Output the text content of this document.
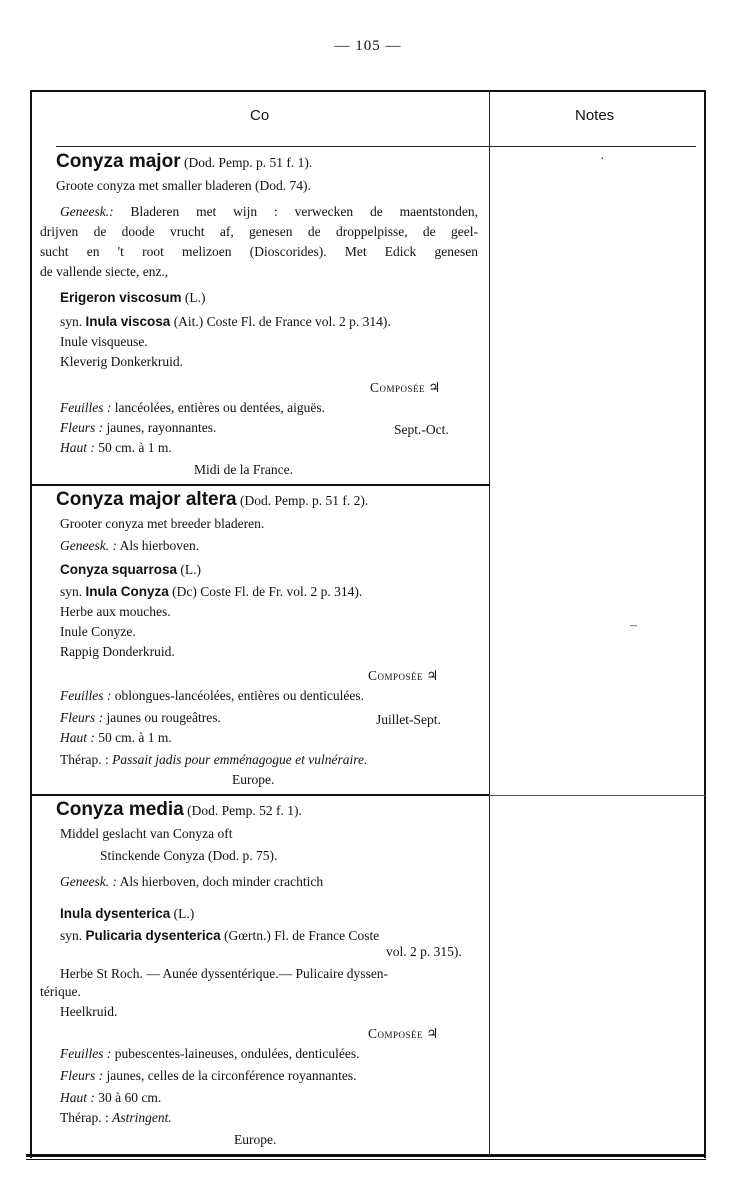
— 105 —
Co	Notes
Conyza major (Dod. Pemp. p. 51 f. 1).
Groote conyza met smaller bladeren (Dod. 74).
Geneesk.: Bladeren met wijn : verwecken de maentstonden,
drijven de doode vrucht af, genesen de droppelpisse, de geel-
sucht en 't root melizoen (Dioscorides). Met Edick genesen
de vallende siecte, enz.,
Erigeron viscosum (L.)
syn. Inula viscosa (Ait.) Coste Fl. de France vol. 2 p. 314).
Inule visqueuse.
Kleverig Donkerkruid.
Composée ♃
Feuilles : lancéolées, entières ou dentées, aiguës.
Fleurs : jaunes, rayonnantes.	Sept.-Oct.
Haut : 50 cm. à 1 m.
Midi de la France.
Conyza major altera (Dod. Pemp. p. 51 f. 2).
Grooter conyza met breeder bladeren.
Geneesk. : Als hierboven.
Conyza squarrosa (L.)
syn. Inula Conyza (Dc) Coste Fl. de Fr. vol. 2 p. 314).
Herbe aux mouches.
Inule Conyze.
Rappig Donderkruid.
Composée ♃
Feuilles : oblongues-lancéolées, entières ou denticulées.
Fleurs : jaunes ou rougeâtres.	Juillet-Sept.
Haut : 50 cm. à 1 m.
Thérap. : Passait jadis pour emménagogue et vulnéraire.
Europe.
Conyza media (Dod. Pemp. 52 f. 1).
Middel geslacht van Conyza oft
Stinckende Conyza (Dod. p. 75).
Geneesk. : Als hierboven, doch minder crachtich
Inula dysenterica (L.)
syn. Pulicaria dysenterica (Gœrtn.) Fl. de France Coste
vol. 2 p. 315).
Herbe St Roch. — Aunée dyssentérique.— Pulicaire dyssen-
térique.
Heelkruid.
Composée ♃
Feuilles : pubescentes-laineuses, ondulées, denticulées.
Fleurs : jaunes, celles de la circonférence royannantes.
Haut : 30 à 60 cm.
Thérap. : Astringent.
Europe.
·
–
